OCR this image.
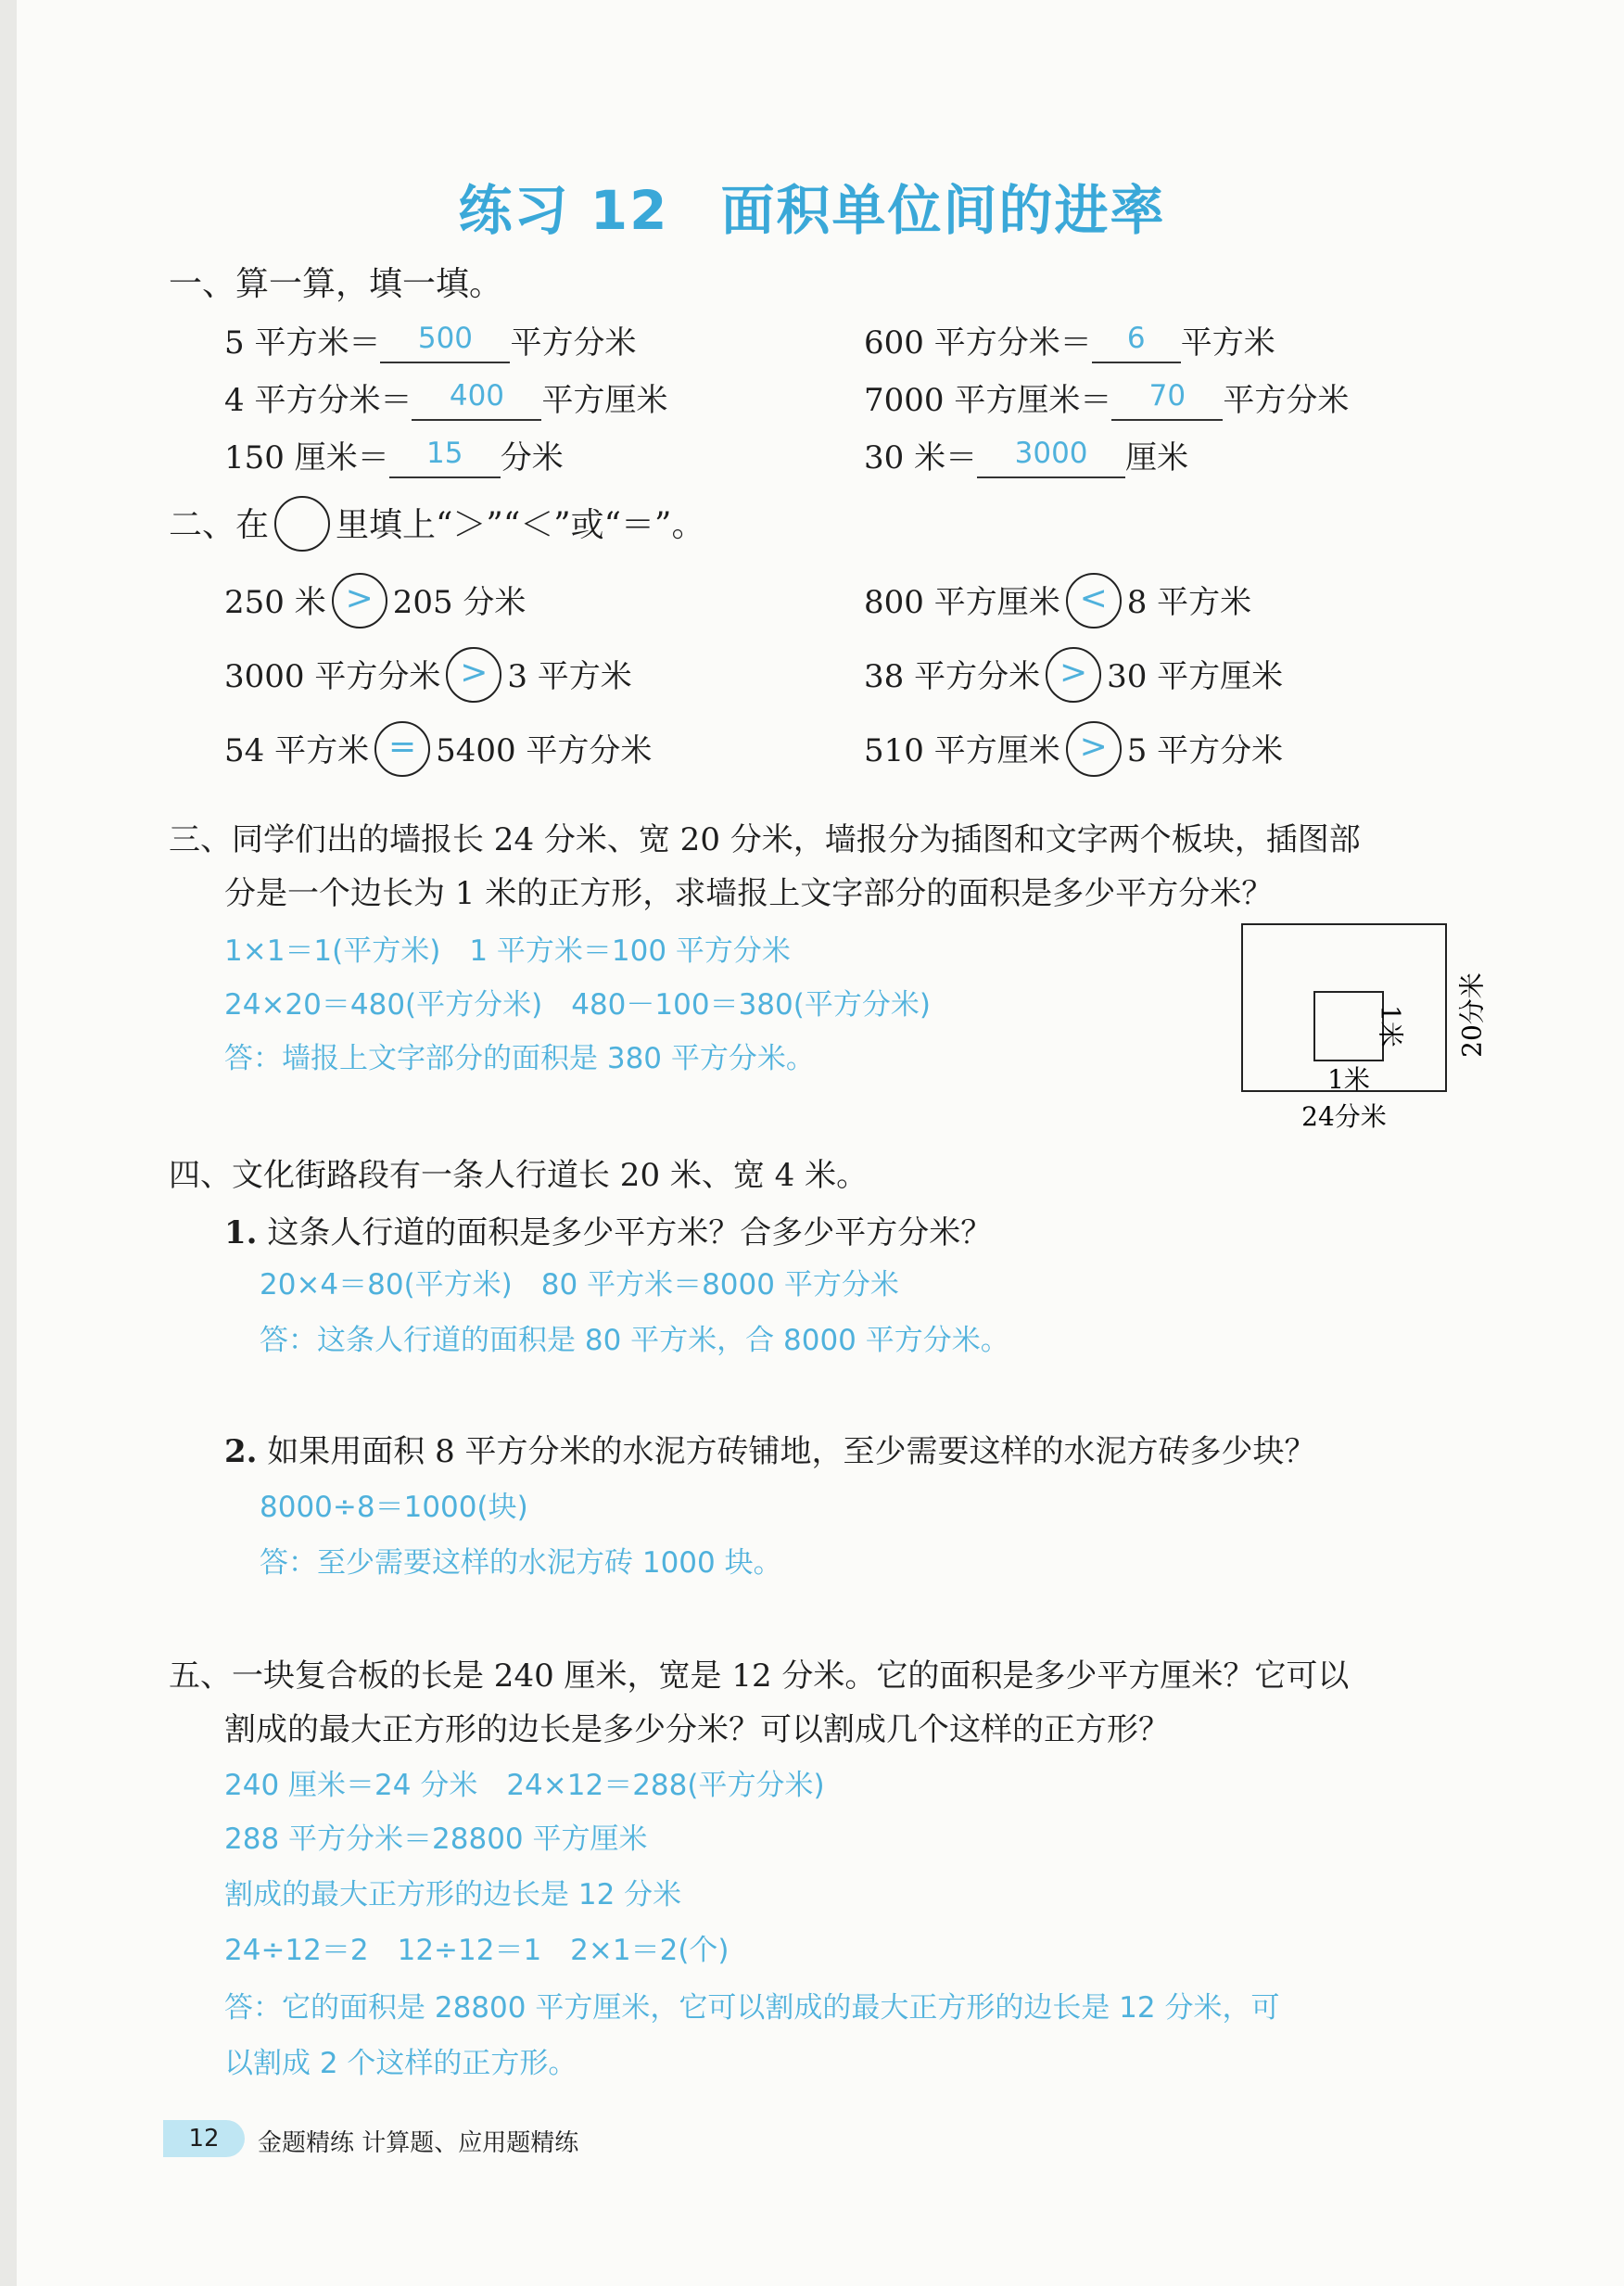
练习 12 面积单位间的进率
一、算一算，填一填。
5 平方米＝ 500 平方分米	600 平方分米＝ 6 平方米
4 平方分米＝ 400 平方厘米	7000 平方厘米＝ 70 平方分米
150 厘米＝ 15 分米	30 米＝ 3000 厘米
二、在 里填上“＞”“＜”或“＝”。
250 米 > 205 分米	800 平方厘米 < 8 平方米
3000 平方分米 > 3 平方米	38 平方分米 > 30 平方厘米
54 平方米 = 5400 平方分米	510 平方厘米 > 5 平方分米
三、同学们出的墙报长 24 分米、宽 20 分米，墙报分为插图和文字两个板块，插图部
分是一个边长为 1 米的正方形，求墙报上文字部分的面积是多少平方分米？
1×1＝1(平方米)　1 平方米＝100 平方分米
24×20＝480(平方分米)　480－100＝380(平方分米)
答：墙报上文字部分的面积是 380 平方分米。
1米
1米
24分米
20分米
四、文化街路段有一条人行道长 20 米、宽 4 米。
1. 这条人行道的面积是多少平方米？合多少平方分米？
20×4＝80(平方米)　80 平方米＝8000 平方分米
答：这条人行道的面积是 80 平方米，合 8000 平方分米。
2. 如果用面积 8 平方分米的水泥方砖铺地，至少需要这样的水泥方砖多少块？
8000÷8＝1000(块)
答：至少需要这样的水泥方砖 1000 块。
五、一块复合板的长是 240 厘米，宽是 12 分米。它的面积是多少平方厘米？它可以
割成的最大正方形的边长是多少分米？可以割成几个这样的正方形？
240 厘米＝24 分米　24×12＝288(平方分米)
288 平方分米＝28800 平方厘米
割成的最大正方形的边长是 12 分米
24÷12＝2　12÷12＝1　2×1＝2(个)
答：它的面积是 28800 平方厘米，它可以割成的最大正方形的边长是 12 分米，可
以割成 2 个这样的正方形。
12	金题精练 计算题、应用题精练
